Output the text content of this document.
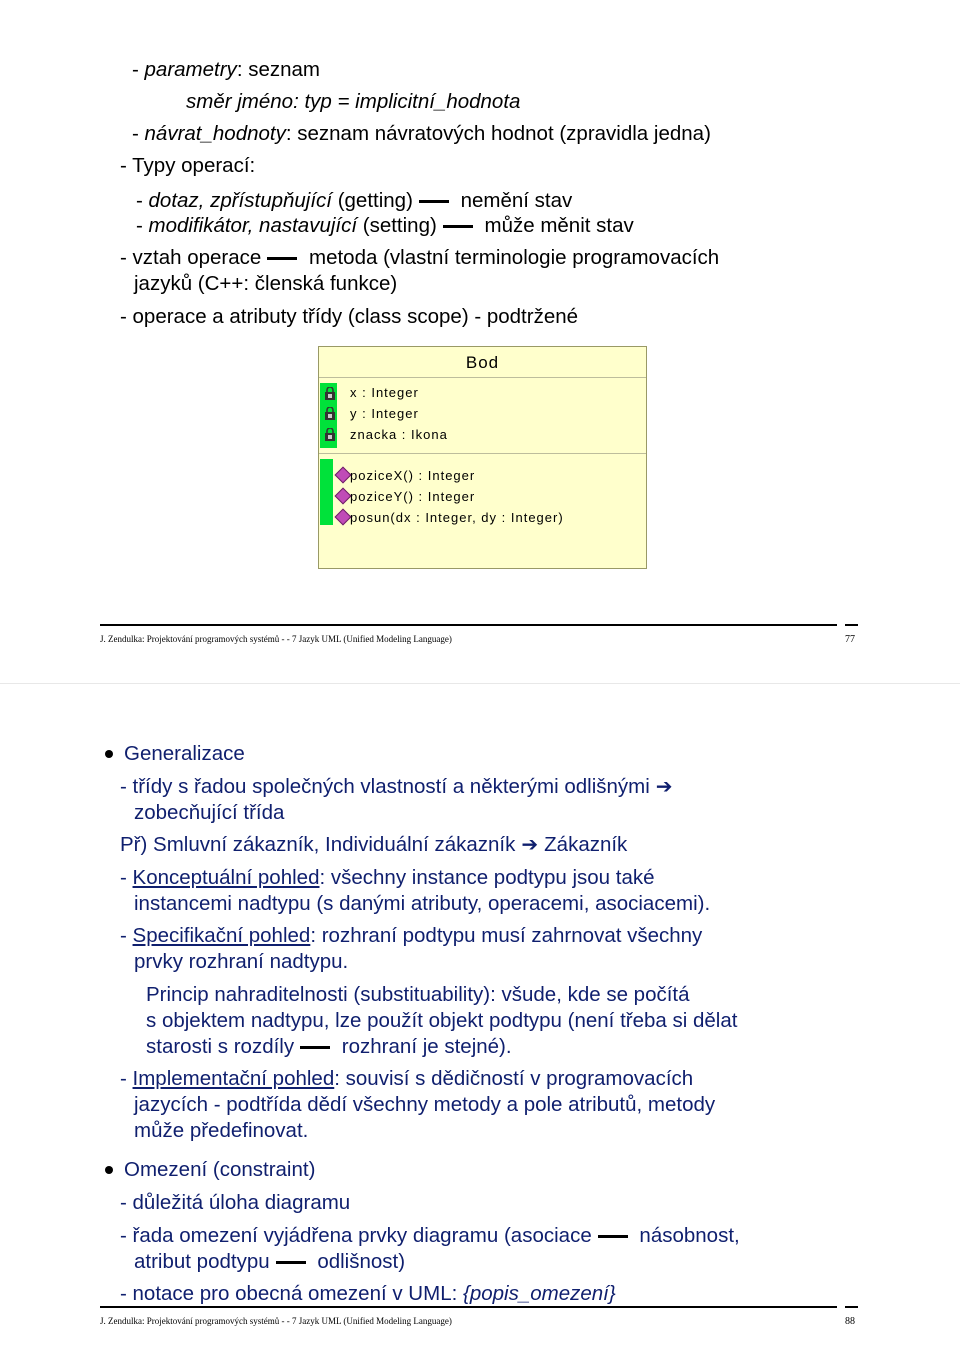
- parametry: seznam
směr jméno: typ = implicitní_hodnota
- návrat_hodnoty: seznam návratových hodnot (zpravidla jedna)
- Typy operací:
- dotaz, zpřístupňující (getting) nemění stav
- modifikátor, nastavující (setting) může měnit stav
- vztah operace metoda (vlastní terminologie programovacích
jazyků (C++: členská funkce)
- operace a atributy třídy (class scope) - podtržené
Bod
x : Integer
y : Integer
znacka : Ikona
poziceX() : Integer
poziceY() : Integer
posun(dx : Integer, dy : Integer)
J. Zendulka: Projektování programových systémů - - 7 Jazyk UML (Unified Modeling Language)	77
Generalizace
- třídy s řadou společných vlastností a některými odlišnými ➔
zobecňující třída
Př) Smluvní zákazník, Individuální zákazník ➔ Zákazník
- Konceptuální pohled: všechny instance podtypu jsou také
instancemi nadtypu (s danými atributy, operacemi, asociacemi).
- Specifikační pohled: rozhraní podtypu musí zahrnovat všechny
prvky rozhraní nadtypu.
Princip nahraditelnosti (substituability): všude, kde se počítá
s objektem nadtypu, lze použít objekt podtypu (není třeba si dělat
starosti s rozdíly rozhraní je stejné).
- Implementační pohled: souvisí s dědičností v programovacích
jazycích - podtřída dědí všechny metody a pole atributů, metody
může předefinovat.
Omezení (constraint)
- důležitá úloha diagramu
- řada omezení vyjádřena prvky diagramu (asociace násobnost,
atribut podtypu odlišnost)
- notace pro obecná omezení v UML: {popis_omezení}
J. Zendulka: Projektování programových systémů - - 7 Jazyk UML (Unified Modeling Language)	88
